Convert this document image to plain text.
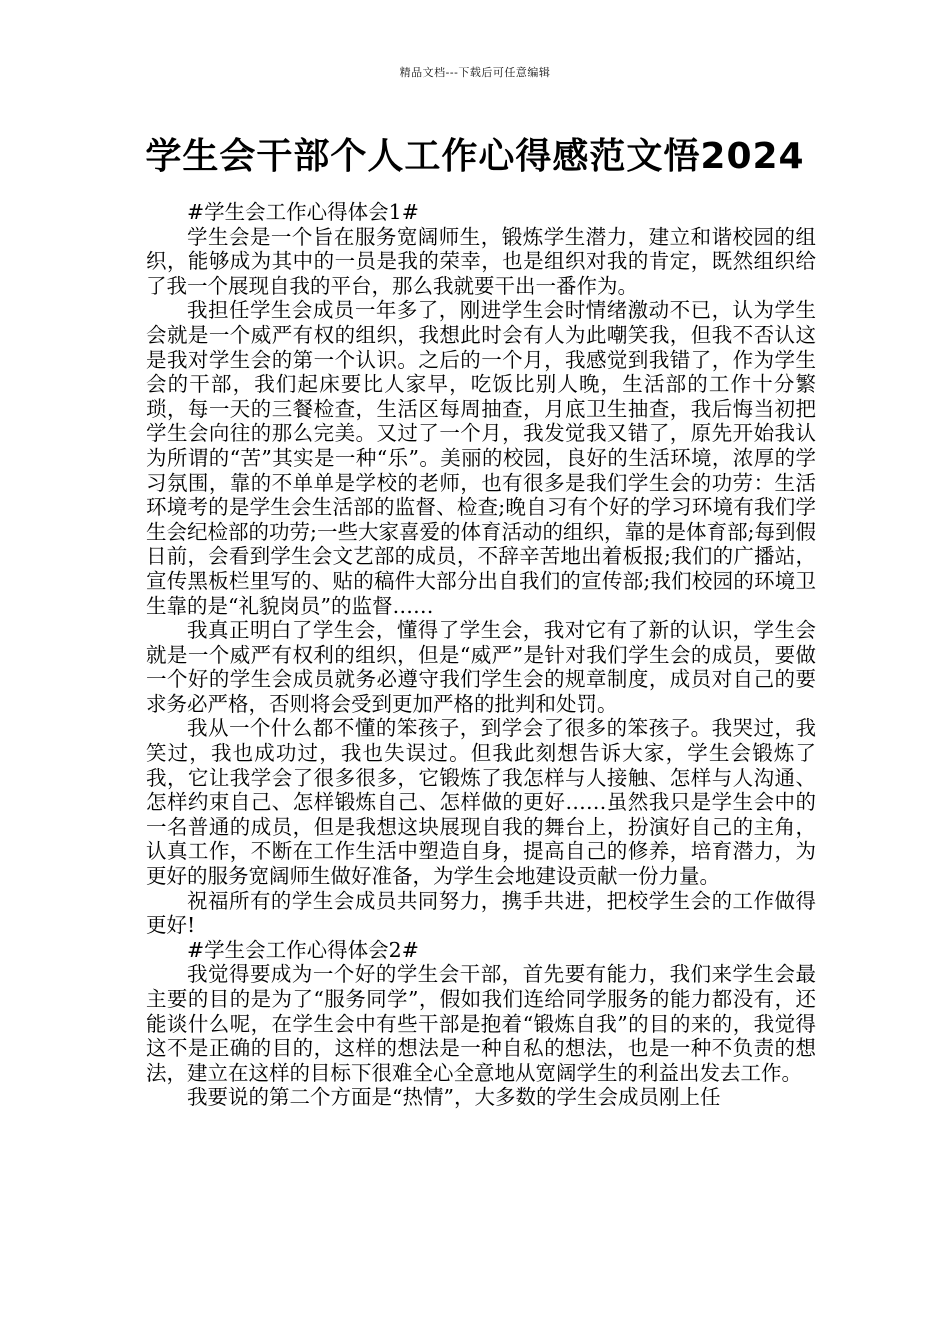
精品文档---下载后可任意编辑
学生会干部个人工作心得感范文悟2024

#学生会工作心得体会1#

学生会是一个旨在服务宽阔师生，锻炼学生潜力，建立和谐校园的组织，能够成为其中的一员是我的荣幸，也是组织对我的肯定，既然组织给了我一个展现自我的平台，那么我就要干出一番作为。

我担任学生会成员一年多了，刚进学生会时情绪激动不已，认为学生会就是一个威严有权的组织，我想此时会有人为此嘲笑我，但我不否认这是我对学生会的第一个认识。之后的一个月，我感觉到我错了，作为学生会的干部，我们起床要比人家早，吃饭比别人晚，生活部的工作十分繁琐，每一天的三餐检查，生活区每周抽查，月底卫生抽查，我后悔当初把学生会向往的那么完美。又过了一个月，我发觉我又错了，原先开始我认为所谓的“苦”其实是一种“乐”。美丽的校园，良好的生活环境，浓厚的学习氛围，靠的不单单是学校的老师，也有很多是我们学生会的功劳：生活环境考的是学生会生活部的监督、检查;晚自习有个好的学习环境有我们学生会纪检部的功劳;一些大家喜爱的体育活动的组织，靠的是体育部;每到假日前，会看到学生会文艺部的成员，不辞辛苦地出着板报;我们的广播站，宣传黑板栏里写的、贴的稿件大部分出自我们的宣传部;我们校园的环境卫生靠的是“礼貌岗员”的监督……

我真正明白了学生会，懂得了学生会，我对它有了新的认识，学生会就是一个威严有权利的组织，但是“威严”是针对我们学生会的成员，要做一个好的学生会成员就务必遵守我们学生会的规章制度，成员对自己的要求务必严格，否则将会受到更加严格的批判和处罚。

我从一个什么都不懂的笨孩子，到学会了很多的笨孩子。我哭过，我笑过，我也成功过，我也失误过。但我此刻想告诉大家，学生会锻炼了我，它让我学会了很多很多，它锻炼了我怎样与人接触、怎样与人沟通、怎样约束自己、怎样锻炼自己、怎样做的更好……虽然我只是学生会中的一名普通的成员，但是我想这块展现自我的舞台上，扮演好自己的主角，认真工作，不断在工作生活中塑造自身，提高自己的修养，培育潜力，为更好的服务宽阔师生做好准备，为学生会地建设贡献一份力量。

祝福所有的学生会成员共同努力，携手共进，把校学生会的工作做得更好!

#学生会工作心得体会2#

我觉得要成为一个好的学生会干部，首先要有能力，我们来学生会最主要的目的是为了“服务同学”，假如我们连给同学服务的能力都没有，还能谈什么呢，在学生会中有些干部是抱着“锻炼自我”的目的来的，我觉得这不是正确的目的，这样的想法是一种自私的想法，也是一种不负责的想法，建立在这样的目标下很难全心全意地从宽阔学生的利益出发去工作。

我要说的第二个方面是“热情”，大多数的学生会成员刚上任
